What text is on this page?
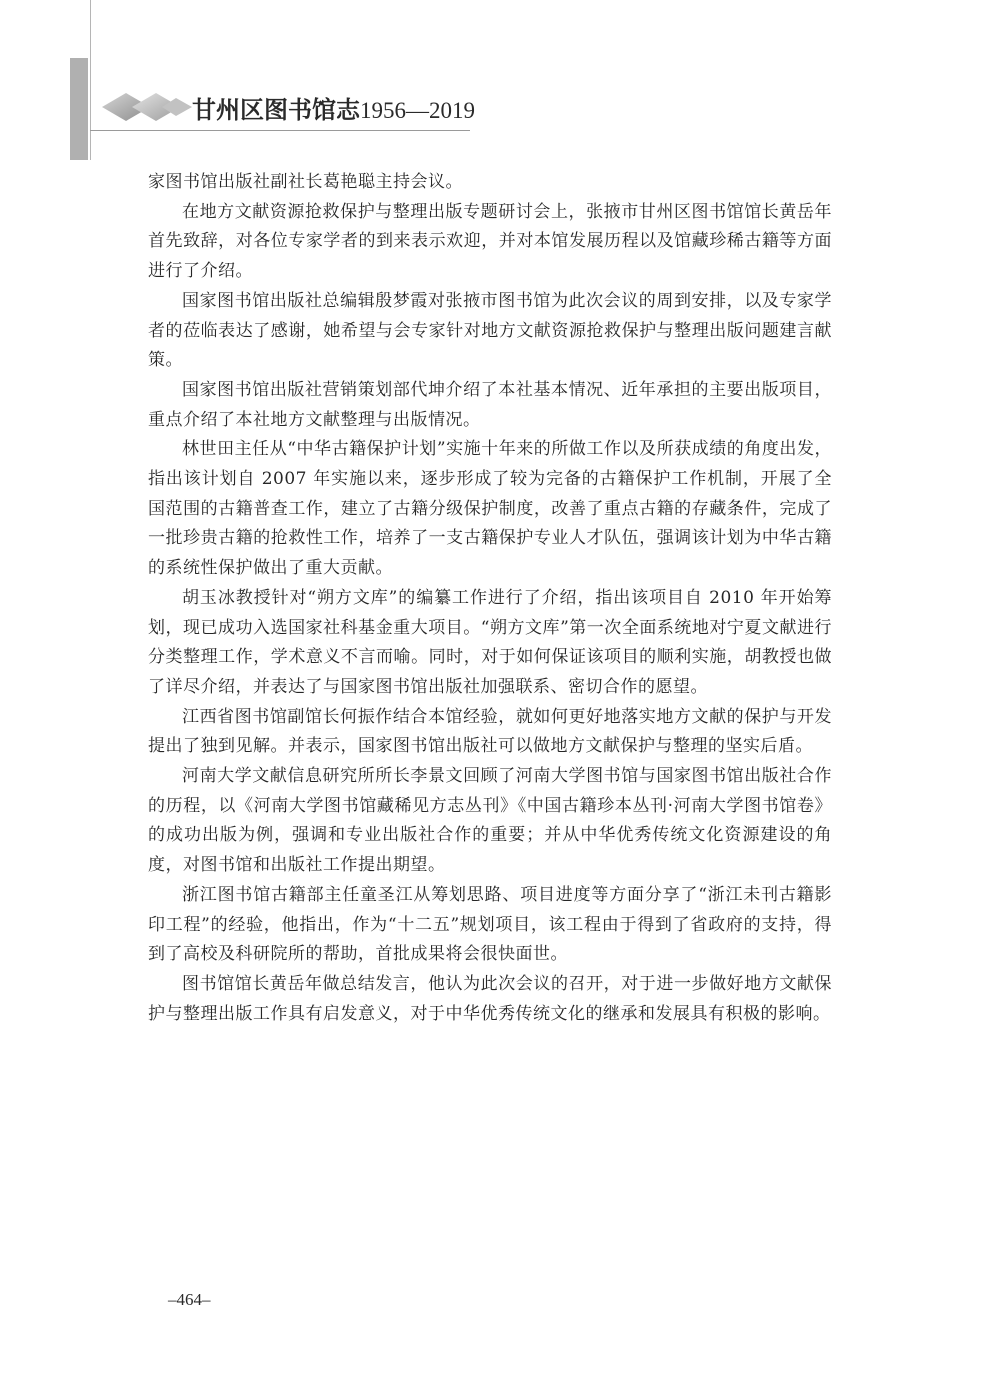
甘州区图书馆志1956—2019

家图书馆出版社副社长葛艳聪主持会议。

在地方文献资源抢救保护与整理出版专题研讨会上，张掖市甘州区图书馆馆长黄岳年首先致辞，对各位专家学者的到来表示欢迎，并对本馆发展历程以及馆藏珍稀古籍等方面进行了介绍。

国家图书馆出版社总编辑殷梦霞对张掖市图书馆为此次会议的周到安排，以及专家学者的莅临表达了感谢，她希望与会专家针对地方文献资源抢救保护与整理出版问题建言献策。

国家图书馆出版社营销策划部代坤介绍了本社基本情况、近年承担的主要出版项目，重点介绍了本社地方文献整理与出版情况。

林世田主任从“中华古籍保护计划”实施十年来的所做工作以及所获成绩的角度出发，指出该计划自 2007 年实施以来，逐步形成了较为完备的古籍保护工作机制，开展了全国范围的古籍普查工作，建立了古籍分级保护制度，改善了重点古籍的存藏条件，完成了一批珍贵古籍的抢救性工作，培养了一支古籍保护专业人才队伍，强调该计划为中华古籍的系统性保护做出了重大贡献。

胡玉冰教授针对“朔方文库”的编纂工作进行了介绍，指出该项目自 2010 年开始筹划，现已成功入选国家社科基金重大项目。“朔方文库”第一次全面系统地对宁夏文献进行分类整理工作，学术意义不言而喻。同时，对于如何保证该项目的顺利实施，胡教授也做了详尽介绍，并表达了与国家图书馆出版社加强联系、密切合作的愿望。

江西省图书馆副馆长何振作结合本馆经验，就如何更好地落实地方文献的保护与开发提出了独到见解。并表示，国家图书馆出版社可以做地方文献保护与整理的坚实后盾。

河南大学文献信息研究所所长李景文回顾了河南大学图书馆与国家图书馆出版社合作的历程，以《河南大学图书馆藏稀见方志丛刊》《中国古籍珍本丛刊·河南大学图书馆卷》的成功出版为例，强调和专业出版社合作的重要；并从中华优秀传统文化资源建设的角度，对图书馆和出版社工作提出期望。

浙江图书馆古籍部主任童圣江从筹划思路、项目进度等方面分享了“浙江未刊古籍影印工程”的经验，他指出，作为“十二五”规划项目，该工程由于得到了省政府的支持，得到了高校及科研院所的帮助，首批成果将会很快面世。

图书馆馆长黄岳年做总结发言，他认为此次会议的召开，对于进一步做好地方文献保护与整理出版工作具有启发意义，对于中华优秀传统文化的继承和发展具有积极的影响。

–464–
